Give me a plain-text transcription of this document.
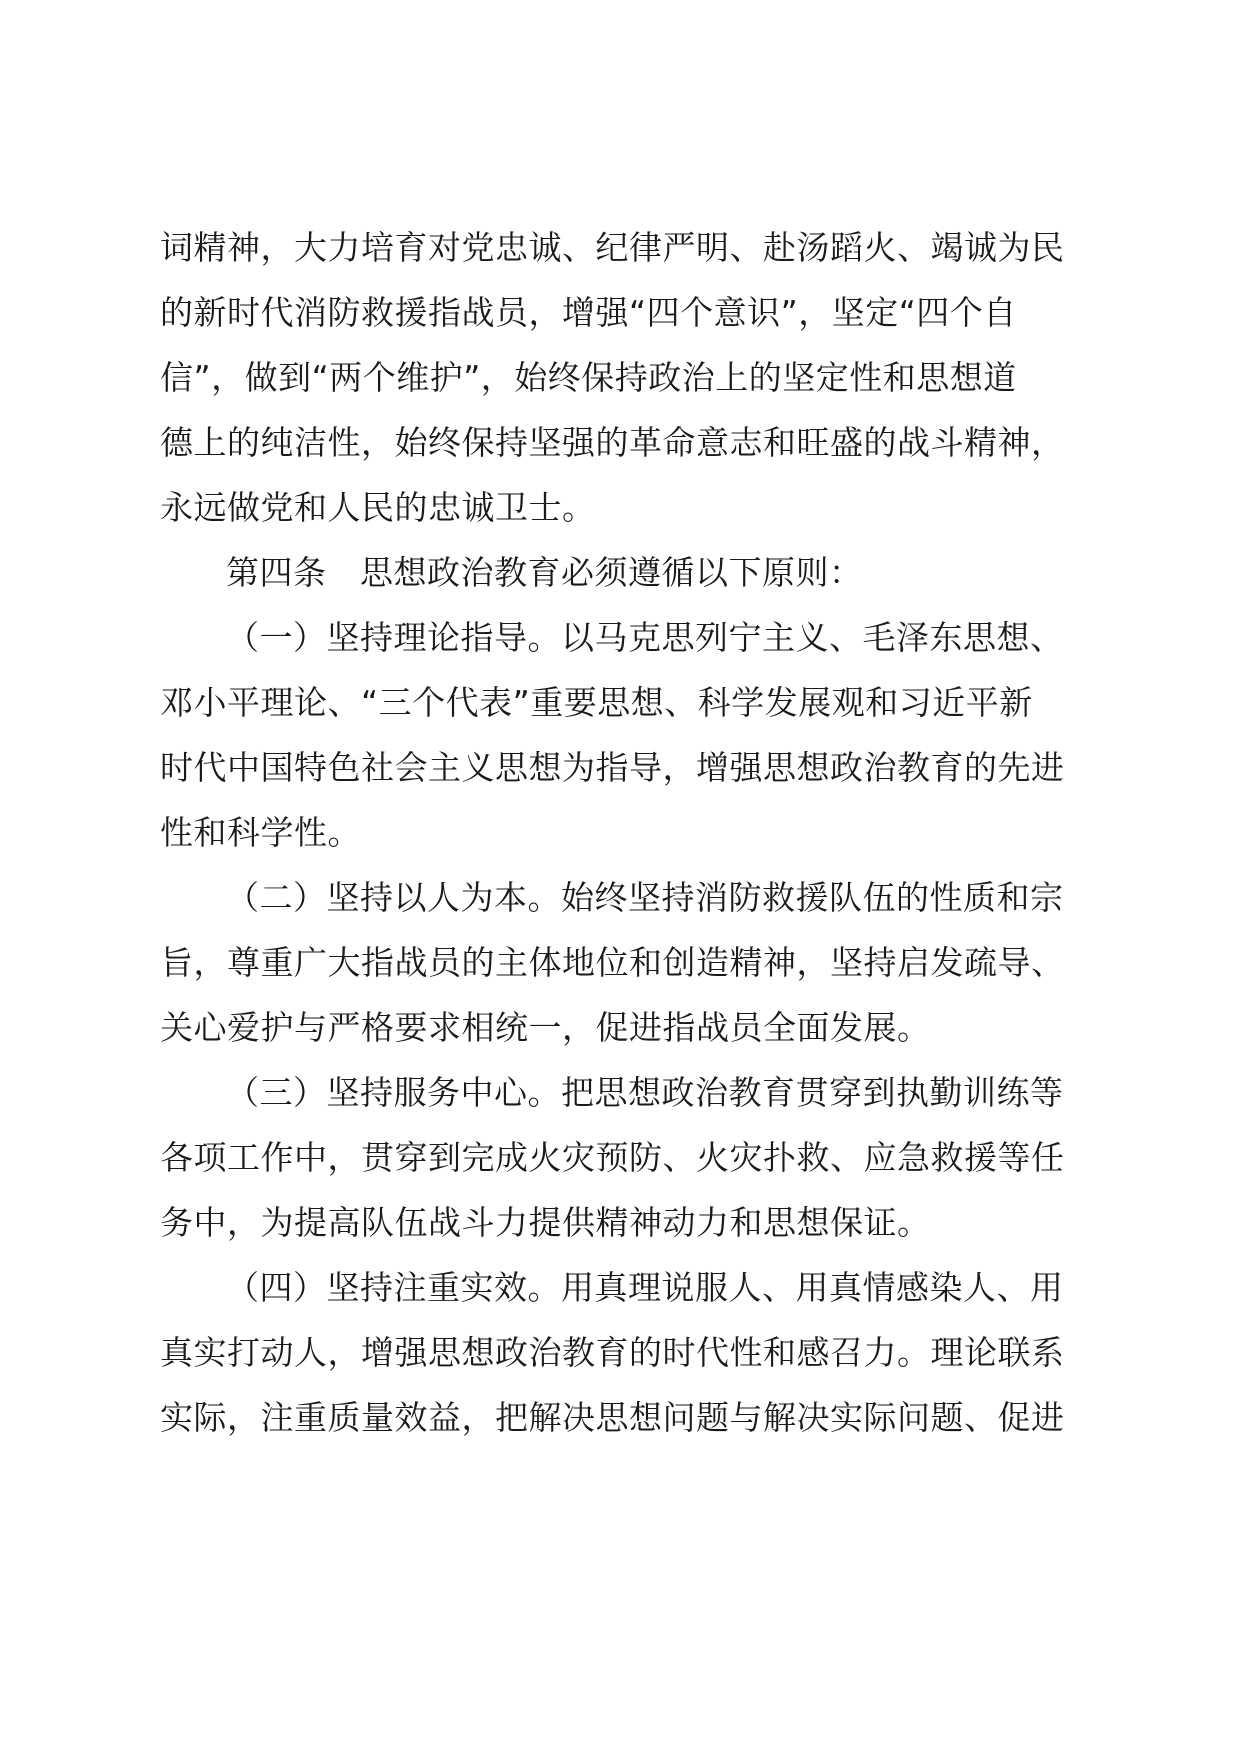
词精神，大力培育对党忠诚、纪律严明、赴汤蹈火、竭诚为民
的新时代消防救援指战员，增强“四个意识”，坚定“四个自
信”，做到“两个维护”，始终保持政治上的坚定性和思想道
德上的纯洁性，始终保持坚强的革命意志和旺盛的战斗精神，
永远做党和人民的忠诚卫士。
第四条　思想政治教育必须遵循以下原则：
（一）坚持理论指导。以马克思列宁主义、毛泽东思想、
邓小平理论、“三个代表”重要思想、科学发展观和习近平新
时代中国特色社会主义思想为指导，增强思想政治教育的先进
性和科学性。
（二）坚持以人为本。始终坚持消防救援队伍的性质和宗
旨，尊重广大指战员的主体地位和创造精神，坚持启发疏导、
关心爱护与严格要求相统一，促进指战员全面发展。
（三）坚持服务中心。把思想政治教育贯穿到执勤训练等
各项工作中，贯穿到完成火灾预防、火灾扑救、应急救援等任
务中，为提高队伍战斗力提供精神动力和思想保证。
（四）坚持注重实效。用真理说服人、用真情感染人、用
真实打动人，增强思想政治教育的时代性和感召力。理论联系
实际，注重质量效益，把解决思想问题与解决实际问题、促进
